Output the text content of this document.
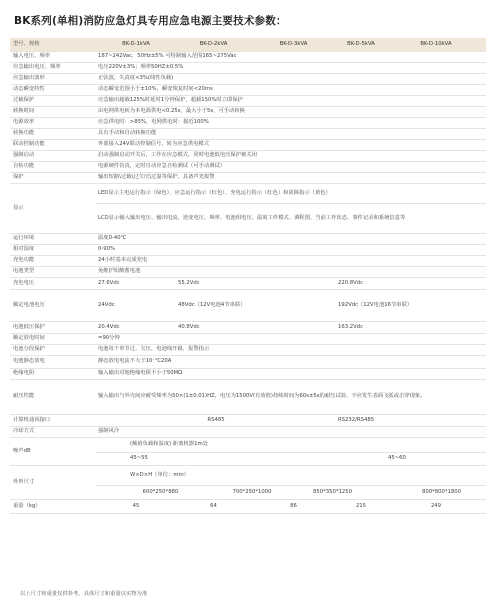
BK系列(单相)消防应急灯具专用应急电源主要技术参数：
型号、规格	BK-D-1kVA	BK-D-2kVA		BK-D-3kVA		BK-D-5kVA	BK-D-10kVA
输入电压、频率	187~242Vac，50Hz±5% 可特制输入范围165~275Vac						
应急输出电压、频率	电压220V±3%；频率50HZ±0.5%						
应急输出波形	正弦波，失真度<3%(线性负载)						
动态瞬变特性	动态瞬变范围小于±10%，瞬变恢复时间<20ms						
过载保护	应急输出超载125%时延时1分钟保护，超载150%时立即保护						
转换时间	由电网供电转为本电源供电<0.25s，最大小于5s，可手动转换						
电源效率	应急供电时：>85%，电网供电时：接近100%						
转换功能	具有手动和自动转换功能						
联动控制功能	外部接入24V联动控制信号，转为应急供电模式						
强制启动	启动强制启动开关后，工作在应急模式，同时电池低电压保护被关闭						
自检功能	电源硬件仿真，定时自动应急自检测试（可手动测试）						
保护	输出短路\过载\过欠压\过温等保护，具备声光报警						
显示	LED显示主电运行指示（绿色）、应急运行指示（红色）、充电运行指示（红色）和故障指示（黄色）						
	LCD显示输入输出电压、输出电流、逆变电压、频率、电池组电压、温度工作模式、调程图、当前工作状态、事件记录和系统信息等						
运行环境	温度0-40℃						
相对湿度	0-90%						
充电功能	24小时基本完成充电						
电池类型	免维护铅酸蓄电池						
充电电压	27.6Vdc	55.2Vdc				220.8Vdc	
额定电池电压	24Vdc	48Vdc（12V电池4节串联）				192Vdc（12V电池16节串联）	
电池低压保护	20.4Vdc	40.8Vdc				163.2Vdc	
额定放电时间	=90分钟						
电池分段保护	电池每个单节过、欠压，电池线开路，报警指示						
电池静态放电	静态放电电流不大于10⁻⁵C20A						
绝缘电阻	输入输出对地绝缘电阻不小于50MΩ						
耐压性能	输入输出与外壳间应耐受频率为50×(1±0.01)HZ，电压为1500V(有效值)持续时间为60s±5s的耐压试验，不应发生表面飞弧或击穿现象。						
计算机通讯接口	RS485					RS232/RS485	
冷却方式	强制风冷						
噪声dB	(额值负载和温度) 距离机器1m处						
	45~55						45~60
外形尺寸	W×D×H（单位：mm）						
	600*250*880		700*250*1000		850*350*1250		800*800*1800
重量（kg）	45	64		86		215	249
以上尺寸和重量仅供参考，具体尺寸和重量以实物为准
